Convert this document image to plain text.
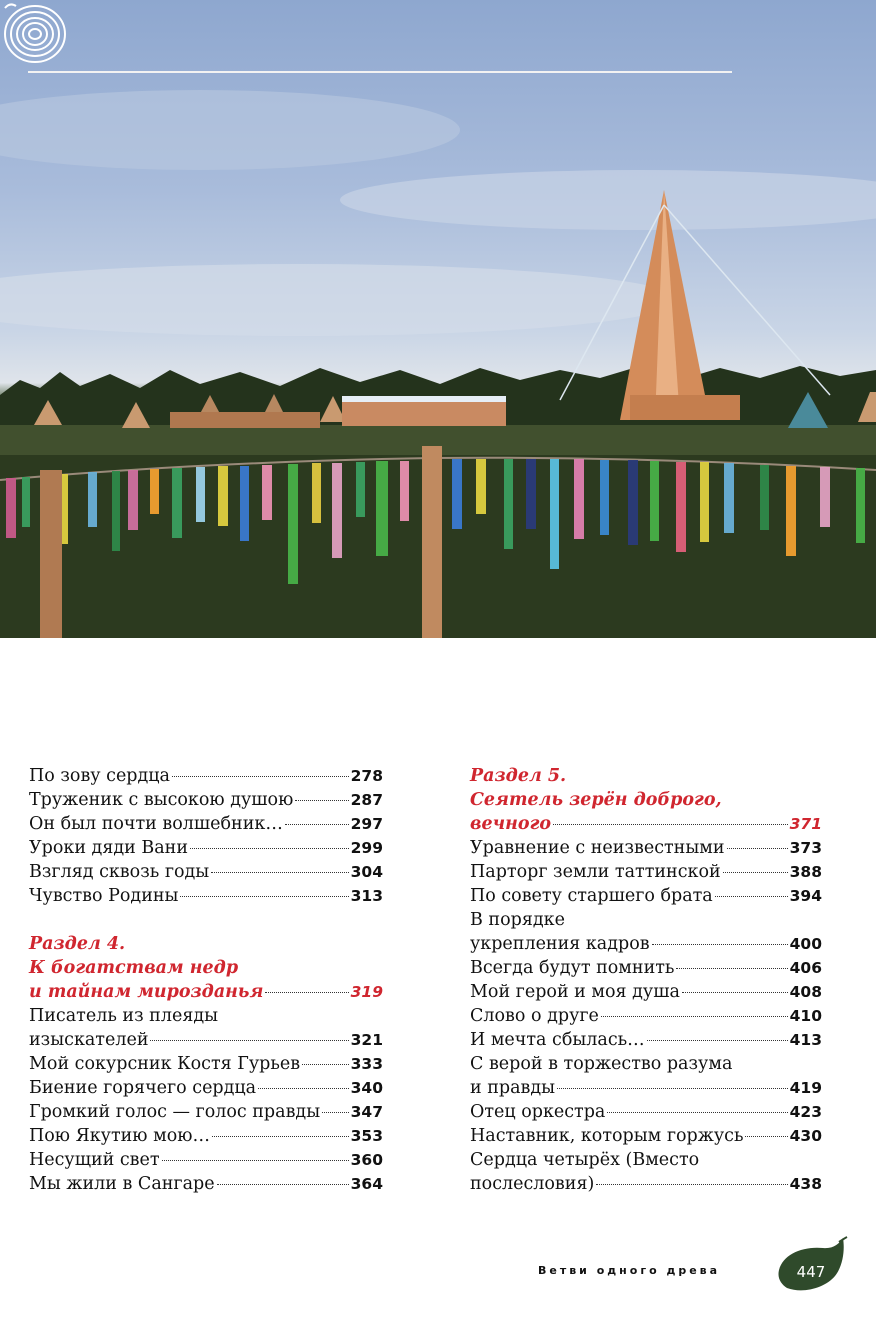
По зову сердца	278
Труженик с высокою душою	287
Он был почти волшебник…	297
Уроки дяди Вани	299
Взгляд сквозь годы	304
Чувство Родины	313
Раздел 4.
К богатствам недр
и тайнам мирозданья	319
Писатель из плеяды
изыскателей	321
Мой сокурсник Костя Гурьев	333
Биение горячего сердца	340
Громкий голос — голос правды 347
Пою Якутию мою…	353
Несущий свет	360
Мы жили в Сангаре	364
Раздел 5.
Сеятель зерён доброго,
вечного	371
Уравнение с неизвестными	373
Парторг земли таттинской	388
По совету старшего брата	394
В порядке
укрепления кадров	400
Всегда будут помнить	406
Мой герой и моя душа	408
Слово о друге	410
И мечта сбылась…	413
С верой в торжество разума
и правды	419
Отец оркестра	423
Наставник, которым горжусь	430
Сердца четырёх (Вместо
послесловия)	438
Ветви одного древа	447
